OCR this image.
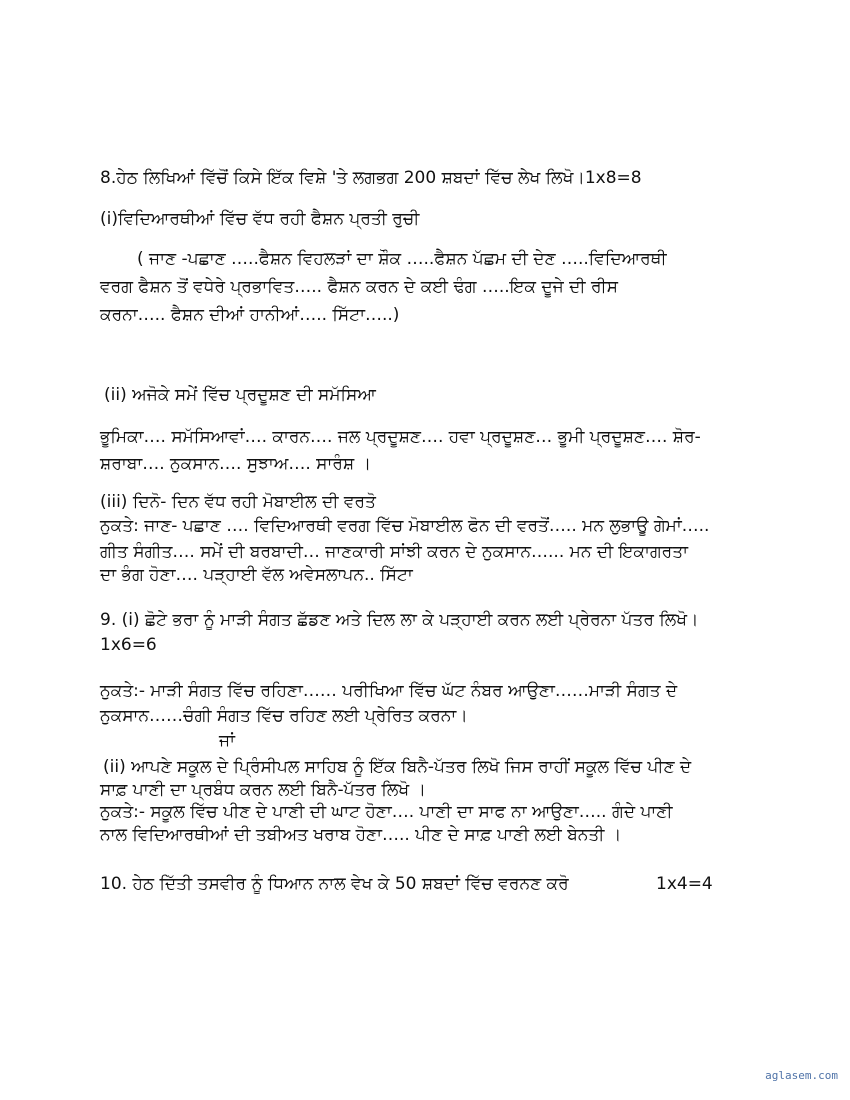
8.ਹੇਠ ਲਿਖਿਆਂ ਵਿੱਚੋਂ ਕਿਸੇ ਇੱਕ ਵਿਸ਼ੇ 'ਤੇ ਲਗਭਗ 200 ਸ਼ਬਦਾਂ ਵਿੱਚ ਲੇਖ ਲਿਖੋ।1x8=8
(i)ਵਿਦਿਆਰਥੀਆਂ ਵਿੱਚ ਵੱਧ ਰਹੀ ਫੈਸ਼ਨ ਪ੍ਰਤੀ ਰੁਚੀ
( ਜਾਣ -ਪਛਾਣ …..ਫੈਸ਼ਨ ਵਿਹਲੜਾਂ ਦਾ ਸ਼ੌਕ …..ਫੈਸ਼ਨ ਪੱਛਮ ਦੀ ਦੇਣ …..ਵਿਦਿਆਰਥੀ
ਵਰਗ ਫੈਸ਼ਨ ਤੋਂ ਵਧੇਰੇ ਪ੍ਰਭਾਵਿਤ….. ਫੈਸ਼ਨ ਕਰਨ ਦੇ ਕਈ ਢੰਗ …..ਇਕ ਦੂਜੇ ਦੀ ਰੀਸ
ਕਰਨਾ….. ਫੈਸ਼ਨ ਦੀਆਂ ਹਾਨੀਆਂ….. ਸਿੱਟਾ…..)
(ii) ਅਜੋਕੇ ਸਮੇਂ ਵਿੱਚ ਪ੍ਰਦੂਸ਼ਣ ਦੀ ਸਮੱਸਿਆ
ਭੂਮਿਕਾ…. ਸਮੱਸਿਆਵਾਂ…. ਕਾਰਨ…. ਜਲ ਪ੍ਰਦੂਸ਼ਣ…. ਹਵਾ ਪ੍ਰਦੂਸ਼ਣ… ਭੂਮੀ ਪ੍ਰਦੂਸ਼ਣ…. ਸ਼ੋਰ-
ਸ਼ਰਾਬਾ…. ਨੁਕਸਾਨ…. ਸੁਝਾਅ…. ਸਾਰੰਸ਼ ।
(iii) ਦਿਨੋ- ਦਿਨ ਵੱਧ ਰਹੀ ਮੋਬਾਈਲ ਦੀ ਵਰਤੋ
ਨੁਕਤੇ: ਜਾਣ- ਪਛਾਣ …. ਵਿਦਿਆਰਥੀ ਵਰਗ ਵਿੱਚ ਮੋਬਾਈਲ ਫੋਨ ਦੀ ਵਰਤੋਂ….. ਮਨ ਲੁਭਾਊ ਗੇਮਾਂ…..
ਗੀਤ ਸੰਗੀਤ…. ਸਮੇਂ ਦੀ ਬਰਬਾਦੀ… ਜਾਣਕਾਰੀ ਸਾਂਝੀ ਕਰਨ ਦੇ ਨੁਕਸਾਨ…... ਮਨ ਦੀ ਇਕਾਗਰਤਾ
ਦਾ ਭੰਗ ਹੋਣਾ…. ਪੜ੍ਹਾਈ ਵੱਲ ਅਵੇਸਲਾਪਨ.. ਸਿੱਟਾ
9. (i) ਛੋਟੇ ਭਰਾ ਨੂੰ ਮਾੜੀ ਸੰਗਤ ਛੱਡਣ ਅਤੇ ਦਿਲ ਲਾ ਕੇ ਪੜ੍ਹਾਈ ਕਰਨ ਲਈ ਪ੍ਰੇਰਨਾ ਪੱਤਰ ਲਿਖੋ।
1x6=6
ਨੁਕਤੇ:- ਮਾੜੀ ਸੰਗਤ ਵਿੱਚ ਰਹਿਣਾ…… ਪਰੀਖਿਆ ਵਿੱਚ ਘੱਟ ਨੰਬਰ ਆਉਣਾ……ਮਾੜੀ ਸੰਗਤ ਦੇ
ਨੁਕਸਾਨ……ਚੰਗੀ ਸੰਗਤ ਵਿੱਚ ਰਹਿਣ ਲਈ ਪ੍ਰੇਰਿਤ ਕਰਨਾ।
ਜਾਂ
(ii) ਆਪਣੇ ਸਕੂਲ ਦੇ ਪ੍ਰਿੰਸੀਪਲ ਸਾਹਿਬ ਨੂੰ ਇੱਕ ਬਿਨੈ-ਪੱਤਰ ਲਿਖੋ ਜਿਸ ਰਾਹੀਂ ਸਕੂਲ ਵਿੱਚ ਪੀਣ ਦੇ
ਸਾਫ਼ ਪਾਣੀ ਦਾ ਪ੍ਰਬੰਧ ਕਰਨ ਲਈ ਬਿਨੈ-ਪੱਤਰ ਲਿਖੋ ।
ਨੁਕਤੇ:- ਸਕੂਲ ਵਿੱਚ ਪੀਣ ਦੇ ਪਾਣੀ ਦੀ ਘਾਟ ਹੋਣਾ…. ਪਾਣੀ ਦਾ ਸਾਫ ਨਾ ਆਉਣਾ….. ਗੰਦੇ ਪਾਣੀ
ਨਾਲ ਵਿਦਿਆਰਥੀਆਂ ਦੀ ਤਬੀਅਤ ਖਰਾਬ ਹੋਣਾ….. ਪੀਣ ਦੇ ਸਾਫ਼ ਪਾਣੀ ਲਈ ਬੇਨਤੀ ।
10. ਹੇਠ ਦਿੱਤੀ ਤਸਵੀਰ ਨੂੰ ਧਿਆਨ ਨਾਲ ਵੇਖ ਕੇ 50 ਸ਼ਬਦਾਂ ਵਿੱਚ ਵਰਨਣ ਕਰੋ	1x4=4
aglasem.com
